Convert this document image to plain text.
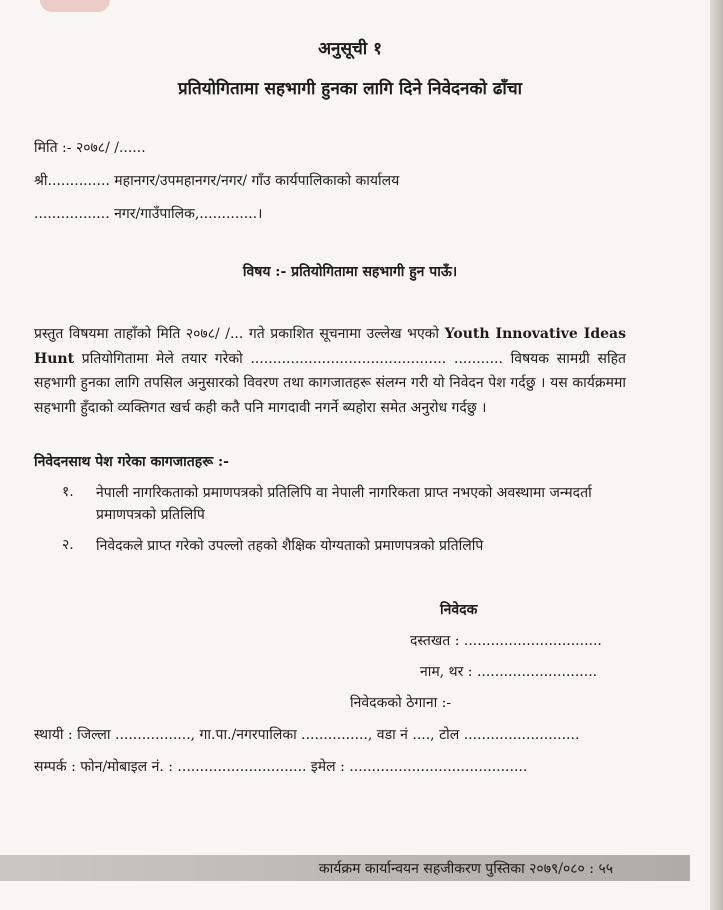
अनुसूची १
प्रतियोगितामा सहभागी हुनका लागि दिने निवेदनको ढाँचा
मिति :- २०७८/ /......
श्री.............. महानगर/उपमहानगर/नगर/ गाँउ कार्यपालिकाको कार्यालय
................. नगर/गाउँपालिक,.............।
विषय :- प्रतियोगितामा सहभागी हुन पाऊँ।
प्रस्तुत विषयमा ताहाँको मिति २०७८/ /... गते प्रकाशित सूचनामा उल्लेख भएको Youth Innovative Ideas Hunt प्रतियोगितामा मेले तयार गरेको ............................................ ........... विषयक सामग्री सहित सहभागी हुनका लागि तपसिल अनुसारको विवरण तथा कागजातहरू संलग्न गरी यो निवेदन पेश गर्दछु । यस कार्यक्रममा सहभागी हुँदाको व्यक्तिगत खर्च कही कतै पनि मागदावी नगर्ने ब्यहोरा समेत अनुरोध गर्दछु ।
निवेदनसाथ पेश गरेका कागजातहरू :-
१. नेपाली नागरिकताको प्रमाणपत्रको प्रतिलिपि वा नेपाली नागरिकता प्राप्त नभएको अवस्थामा जन्मदर्ता प्रमाणपत्रको प्रतिलिपि
२. निवेदकले प्राप्त गरेको उपल्लो तहको शैक्षिक योग्यताको प्रमाणपत्रको प्रतिलिपि
निवेदक
दस्तखत : ...............................
नाम, थर : ...........................
निवेदकको ठेगाना :-
स्थायी : जिल्ला ................., गा.पा./नगरपालिका ..............., वडा नं ...., टोल ..........................
सम्पर्क : फोन/मोबाइल नं. : ............................. इमेल : ........................................
कार्यक्रम कार्यान्वयन सहजीकरण पुस्तिका २०७९/०८० : ५५
